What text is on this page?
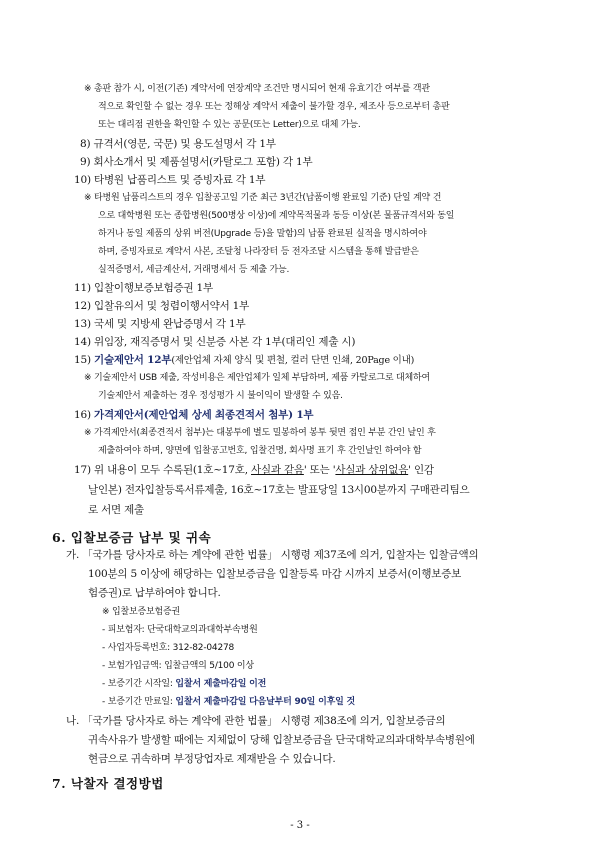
※ 총판 참가 시, 이전(기존) 계약서에 연장계약 조건만 명시되어 현재 유효기간 여부를 객관
적으로 확인할 수 없는 경우 또는 정해상 계약서 제출이 불가할 경우, 제조사 등으로부터 총판
또는 대리점 권한을 확인할 수 있는 공문(또는 Letter)으로 대체 가능.
8) 규격서(영문, 국문) 및 용도설명서 각 1부
9) 회사소개서 및 제품설명서(카탈로그 포함) 각 1부
10) 타병원 납품리스트 및 증빙자료 각 1부
※ 타병원 납품리스트의 경우 입찰공고일 기준 최근 3년간(납품이행 완료일 기준) 단일 계약 건
으로 대학병원 또는 종합병원(500병상 이상)에 계약목적물과 동등 이상(본 물품규격서와 동일
하거나 동일 제품의 상위 버전(Upgrade 등)을 말함)의 납품 완료된 실적을 명시하여야
하며, 증빙자료로 계약서 사본, 조달청 나라장터 등 전자조달 시스템을 통해 발급받은
실적증명서, 세금계산서, 거래명세서 등 제출 가능.
11) 입찰이행보증보험증권 1부
12) 입찰유의서 및 청렴이행서약서 1부
13) 국세 및 지방세 완납증명서 각 1부
14) 위임장, 재직증명서 및 신분증 사본 각 1부(대리인 제출 시)
15) 기술제안서 12부(제안업체 자체 양식 및 편철, 컬러 단면 인쇄, 20Page 이내)
※ 기술제안서 USB 제출, 작성비용은 제안업체가 일체 부담하며, 제품 카탈로그로 대체하여
기술제안서 제출하는 경우 정성평가 시 불이익이 발생할 수 있음.
16) 가격제안서(제안업체 상세 최종견적서 첨부) 1부
※ 가격제안서(최종견적서 첨부)는 대봉투에 별도 밀봉하여 봉투 뒷면 접인 부분 간인 날인 후
제출하여야 하며, 양면에 입찰공고번호, 입찰건명, 회사명 표기 후 간인날인 하여야 함
17) 위 내용이 모두 수록된(1호~17호, 사실과 같음' 또는 '사실과 상위없음' 인감
날인본) 전자입찰등록서류제출, 16호~17호는 발표당일 13시00분까지 구매관리팀으
로 서면 제출
6. 입찰보증금 납부 및 귀속
가. 「국가를 당사자로 하는 계약에 관한 법률」 시행령 제37조에 의거, 입찰자는 입찰금액의
100분의 5 이상에 해당하는 입찰보증금을 입찰등록 마감 시까지 보증서(이행보증보
험증권)로 납부하여야 합니다.
※ 입찰보증보험증권
- 피보험자: 단국대학교의과대학부속병원
- 사업자등록번호: 312-82-04278
- 보험가입금액: 입찰금액의 5/100 이상
- 보증기간 시작일: 입찰서 제출마감일 이전
- 보증기간 만료일: 입찰서 제출마감일 다음날부터 90일 이후일 것
나. 「국가를 당사자로 하는 계약에 관한 법률」 시행령 제38조에 의거, 입찰보증금의
귀속사유가 발생할 때에는 지체없이 당해 입찰보증금을 단국대학교의과대학부속병원에
현금으로 귀속하며 부정당업자로 제재받을 수 있습니다.
- 3 -
7. 낙찰자 결정방법
